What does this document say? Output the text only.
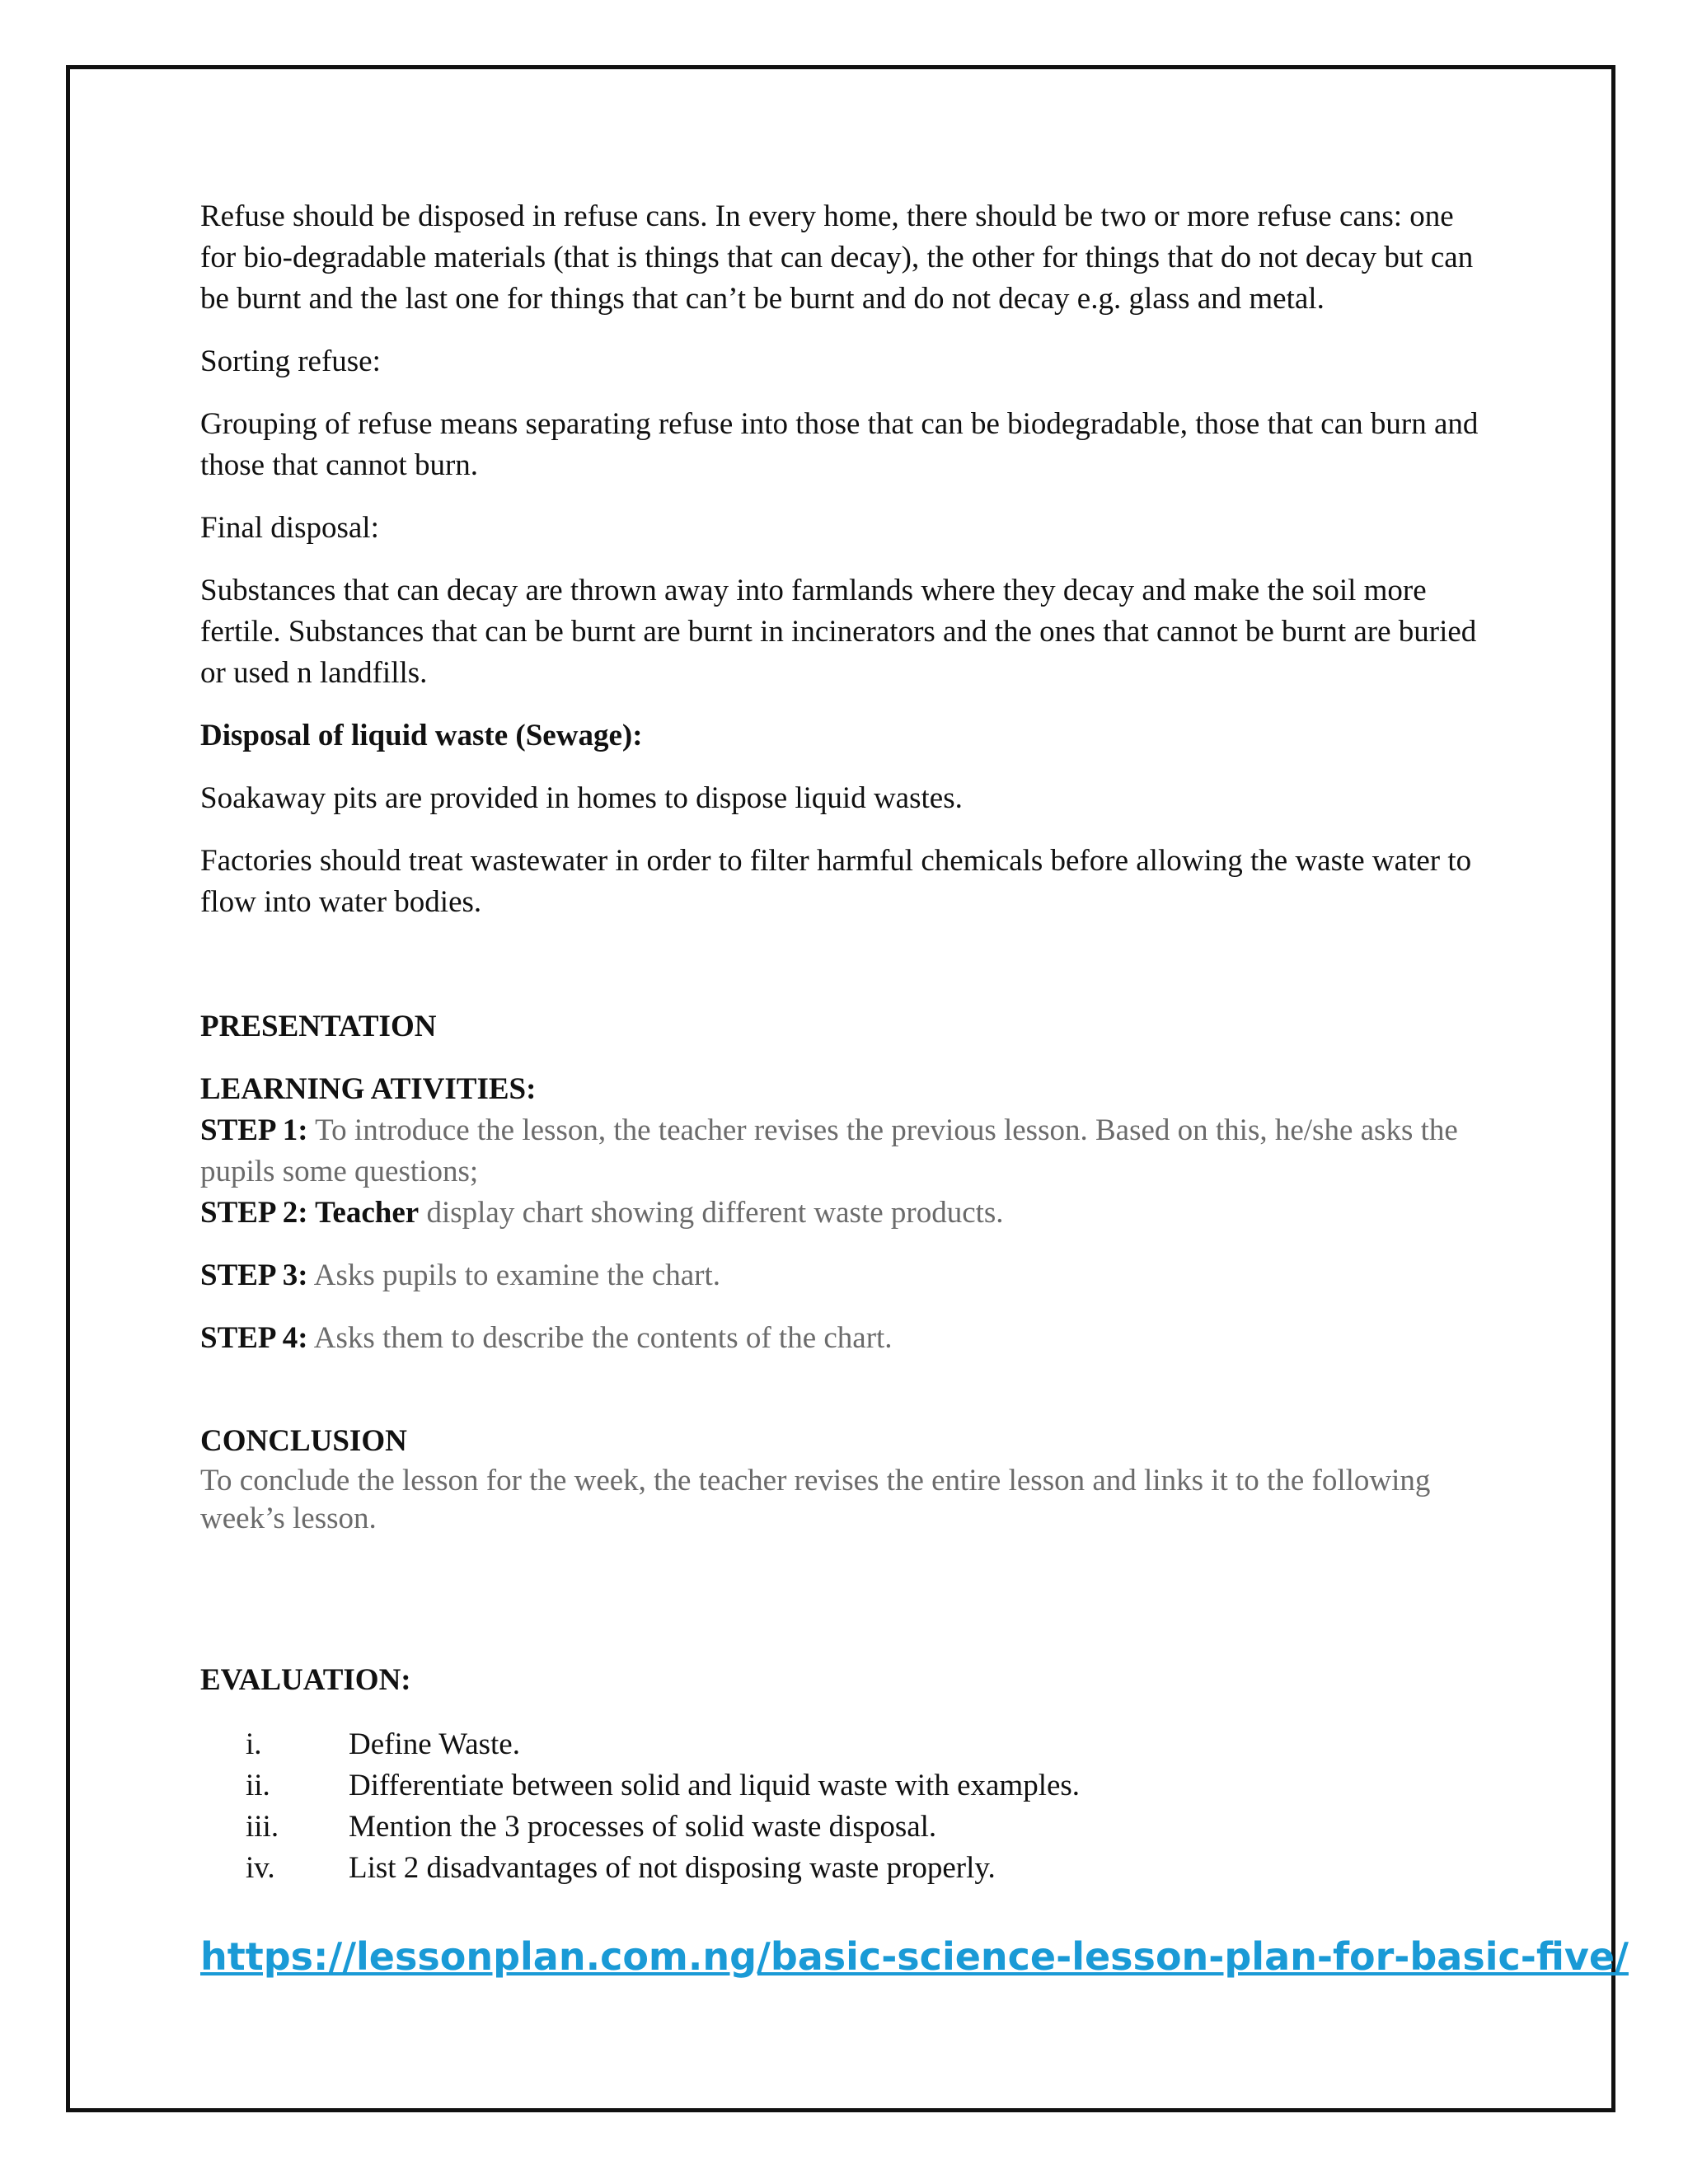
Refuse should be disposed in refuse cans. In every home, there should be two or more refuse cans: one for bio-degradable materials (that is things that can decay), the other for things that do not decay but can be burnt and the last one for things that can’t be burnt and do not decay e.g. glass and metal.

Sorting refuse:

Grouping of refuse means separating refuse into those that can be biodegradable, those that can burn and those that cannot burn.

Final disposal:

Substances that can decay are thrown away into farmlands where they decay and make the soil more fertile. Substances that can be burnt are burnt in incinerators and the ones that cannot be burnt are buried or used n landfills.

Disposal of liquid waste (Sewage):

Soakaway pits are provided in homes to dispose liquid wastes.

Factories should treat wastewater in order to filter harmful chemicals before allowing the waste water to flow into water bodies.

PRESENTATION

LEARNING ATIVITIES:

STEP 1: To introduce the lesson, the teacher revises the previous lesson. Based on this, he/she asks the pupils some questions;

STEP 2: Teacher display chart showing different waste products.

STEP 3: Asks pupils to examine the chart.

STEP 4: Asks them to describe the contents of the chart.

CONCLUSION

To conclude the lesson for the week, the teacher revises the entire lesson and links it to the following week’s lesson.

EVALUATION:

i.	Define Waste.
ii.	Differentiate between solid and liquid waste with examples.
iii.	Mention the 3 processes of solid waste disposal.
iv.	List 2 disadvantages of not disposing waste properly.
https://lessonplan.com.ng/basic-science-lesson-plan-for-basic-five/
